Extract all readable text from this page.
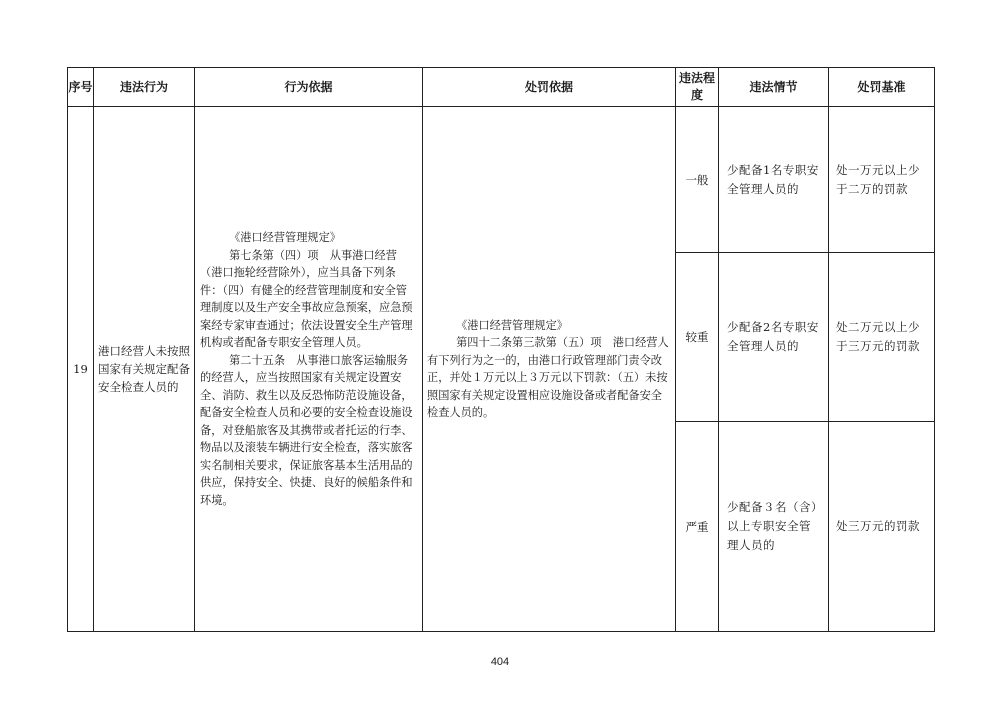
序号	违法行为	行为依据	处罚依据	违法程度	违法情节	处罚基准
19	港口经营人未按照国家有关规定配备安全检查人员的	《港口经营管理规定》
第七条第（四）项　从事港口经营（港口拖轮经营除外），应当具备下列条件：（四）有健全的经营管理制度和安全管理制度以及生产安全事故应急预案，应急预案经专家审查通过；依法设置安全生产管理机构或者配备专职安全管理人员。
第二十五条　从事港口旅客运输服务的经营人，应当按照国家有关规定设置安全、消防、救生以及反恐怖防范设施设备，配备安全检查人员和必要的安全检查设施设备，对登船旅客及其携带或者托运的行李、物品以及滚装车辆进行安全检查，落实旅客实名制相关要求，保证旅客基本生活用品的供应，保持安全、快捷、良好的候船条件和环境。	《港口经营管理规定》
第四十二条第三款第（五）项　港口经营人有下列行为之一的，由港口行政管理部门责令改正，并处１万元以上３万元以下罚款：（五）未按照国家有关规定设置相应设施设备或者配备安全检查人员的。	一般	少配备1名专职安全管理人员的	处一万元以上少于二万的罚款
				较重	少配备2名专职安全管理人员的	处二万元以上少于三万元的罚款
				严重	少配备３名（含）以上专职安全管理人员的	处三万元的罚款
404
